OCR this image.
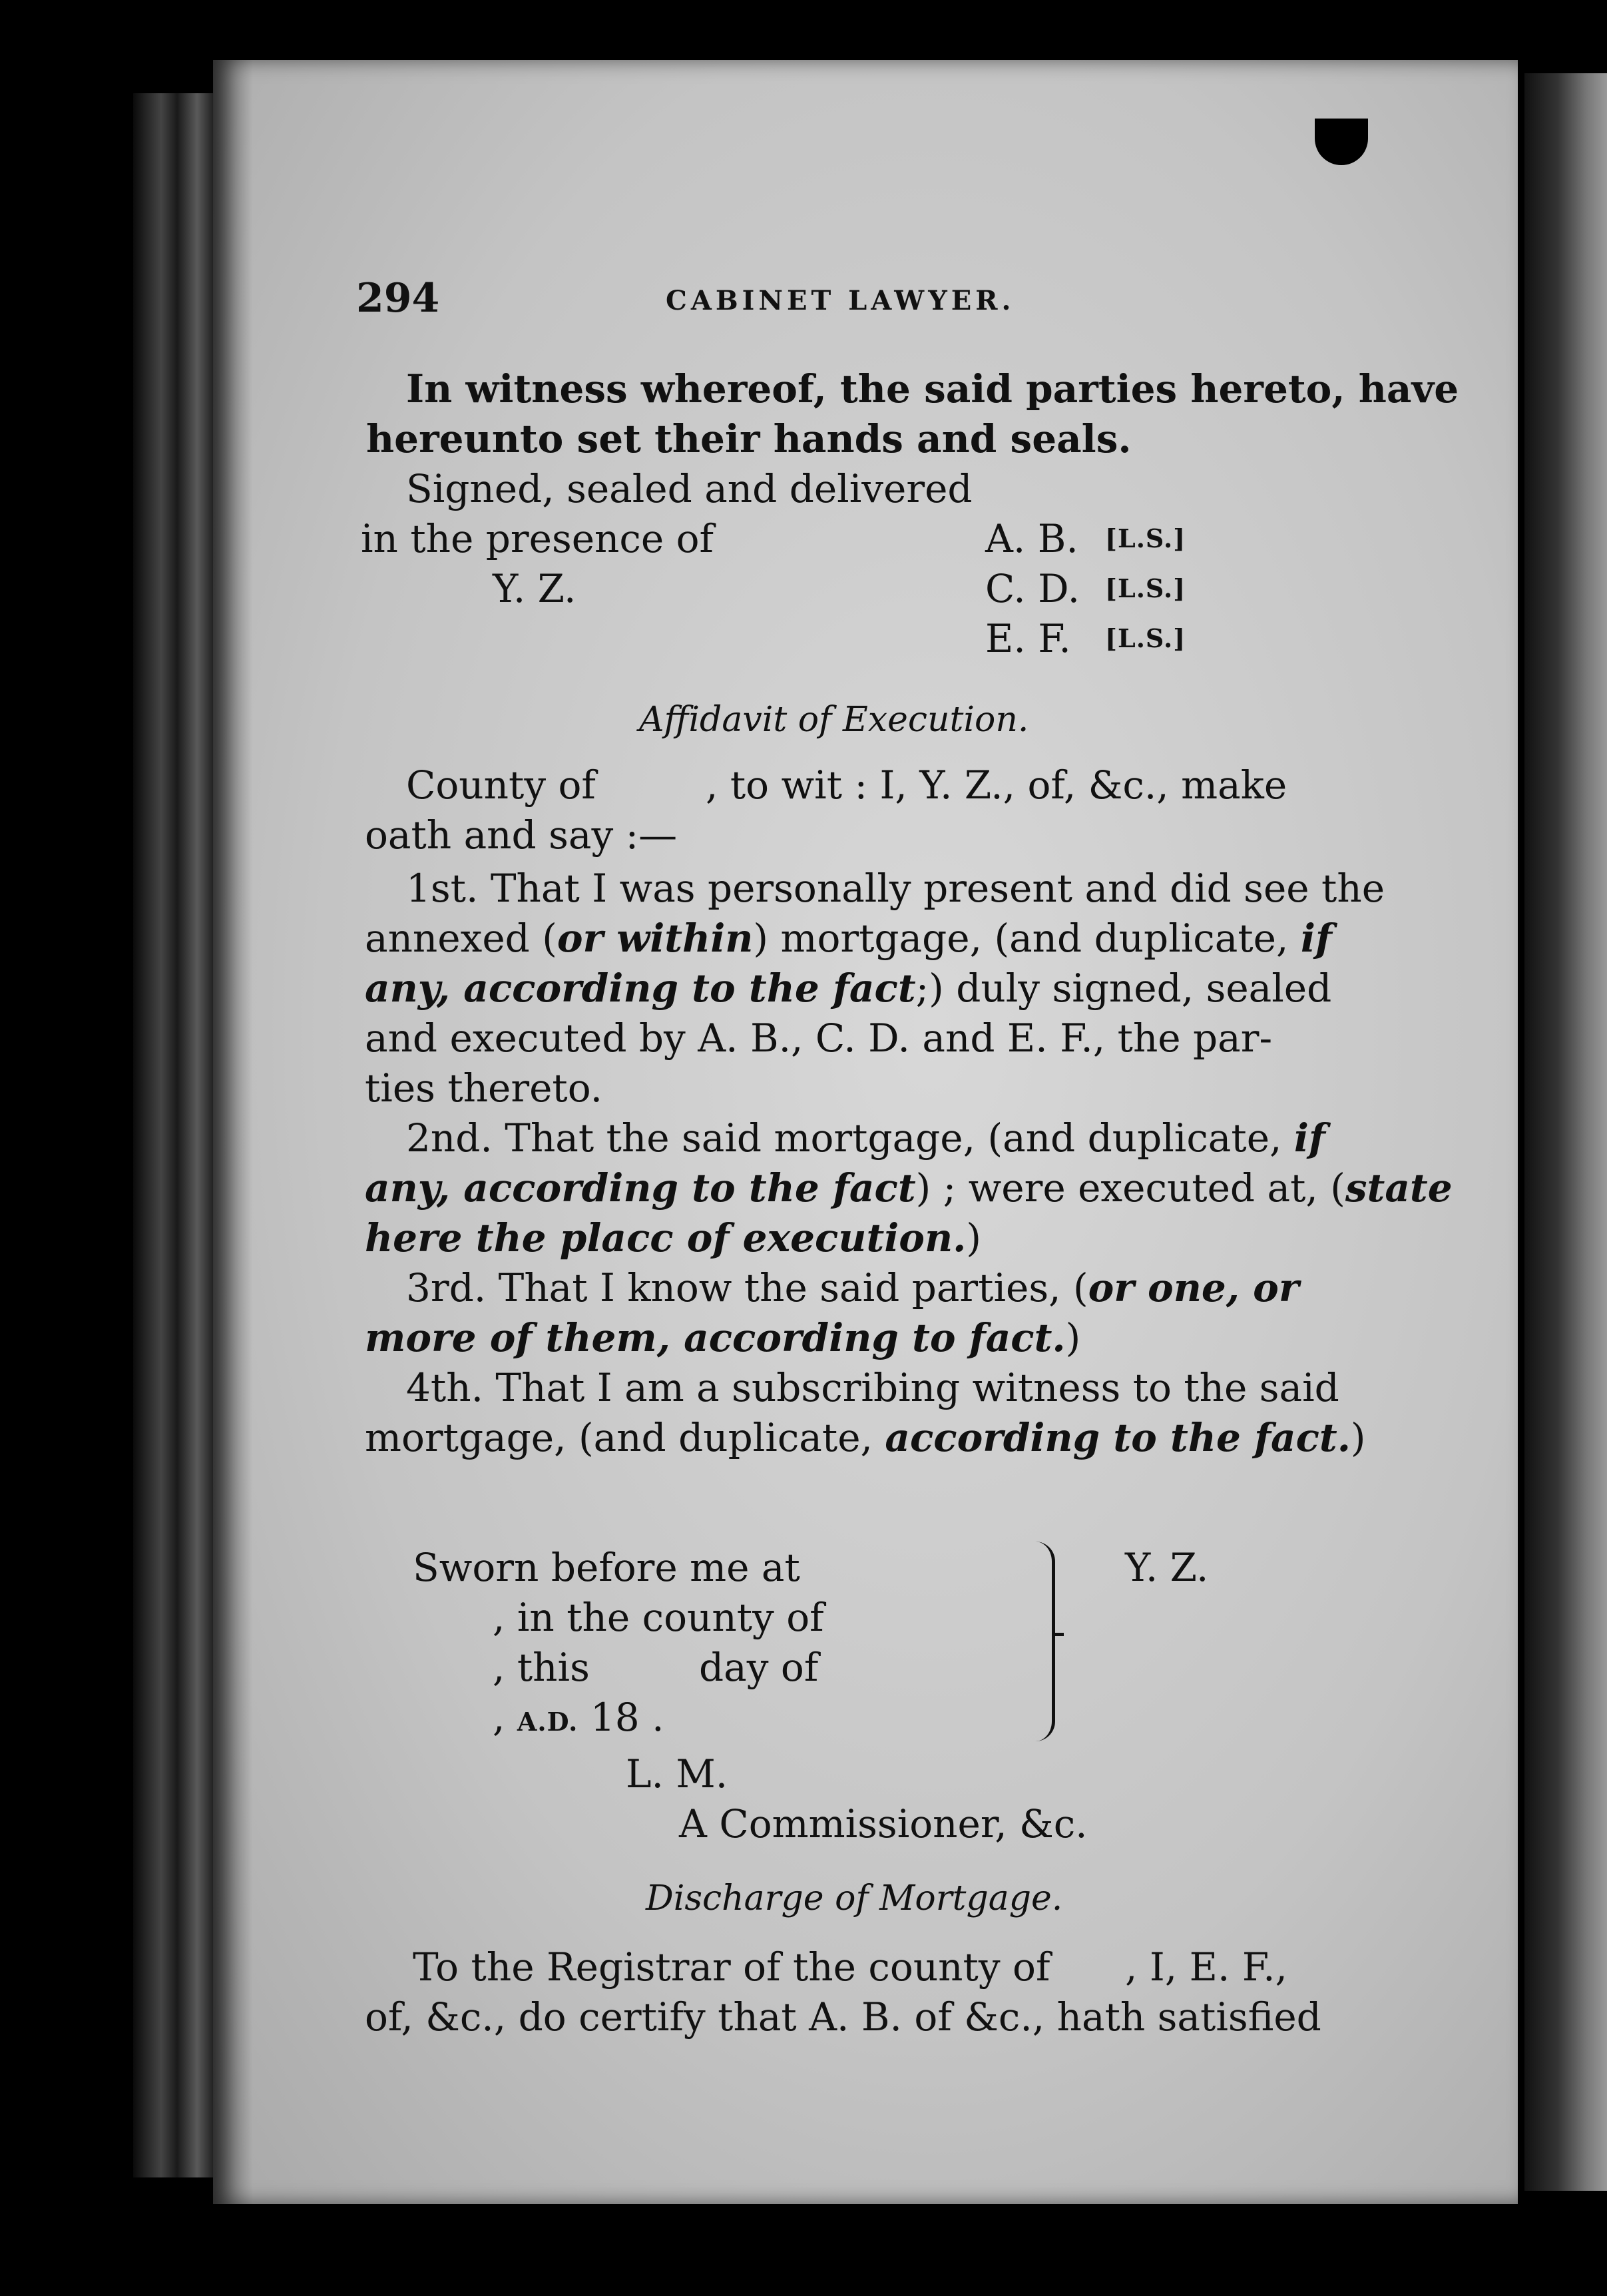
294	CABINET LAWYER.
In witness whereof, the said parties hereto, have
hereunto set their hands and seals.
Signed, sealed and delivered
in the presence of
Y. Z.
A. B. [L.S.]
C. D. [L.S.]
E. F. [L.S.]
Affidavit of Execution.
County of	, to wit : I, Y. Z., of, &c., make
oath and say :—
1st. That I was personally present and did see the
annexed (or within) mortgage, (and duplicate, if
any, according to the fact;) duly signed, sealed
and executed by A. B., C. D. and E. F., the par-
ties thereto.
2nd. That the said mortgage, (and duplicate, if
any, according to the fact) ; were executed at, (state
here the placc of execution.)
3rd. That I know the said parties, (or one, or
more of them, according to fact.)
4th. That I am a subscribing witness to the said
mortgage, (and duplicate, according to the fact.)
Sworn before me at
, in the county of
, this	day of
, A.D. 18 .
Y. Z.
L. M.
A Commissioner, &c.
Discharge of Mortgage.
To the Registrar of the county of , I, E. F.,
of, &c., do certify that A. B. of &c., hath satisfied
